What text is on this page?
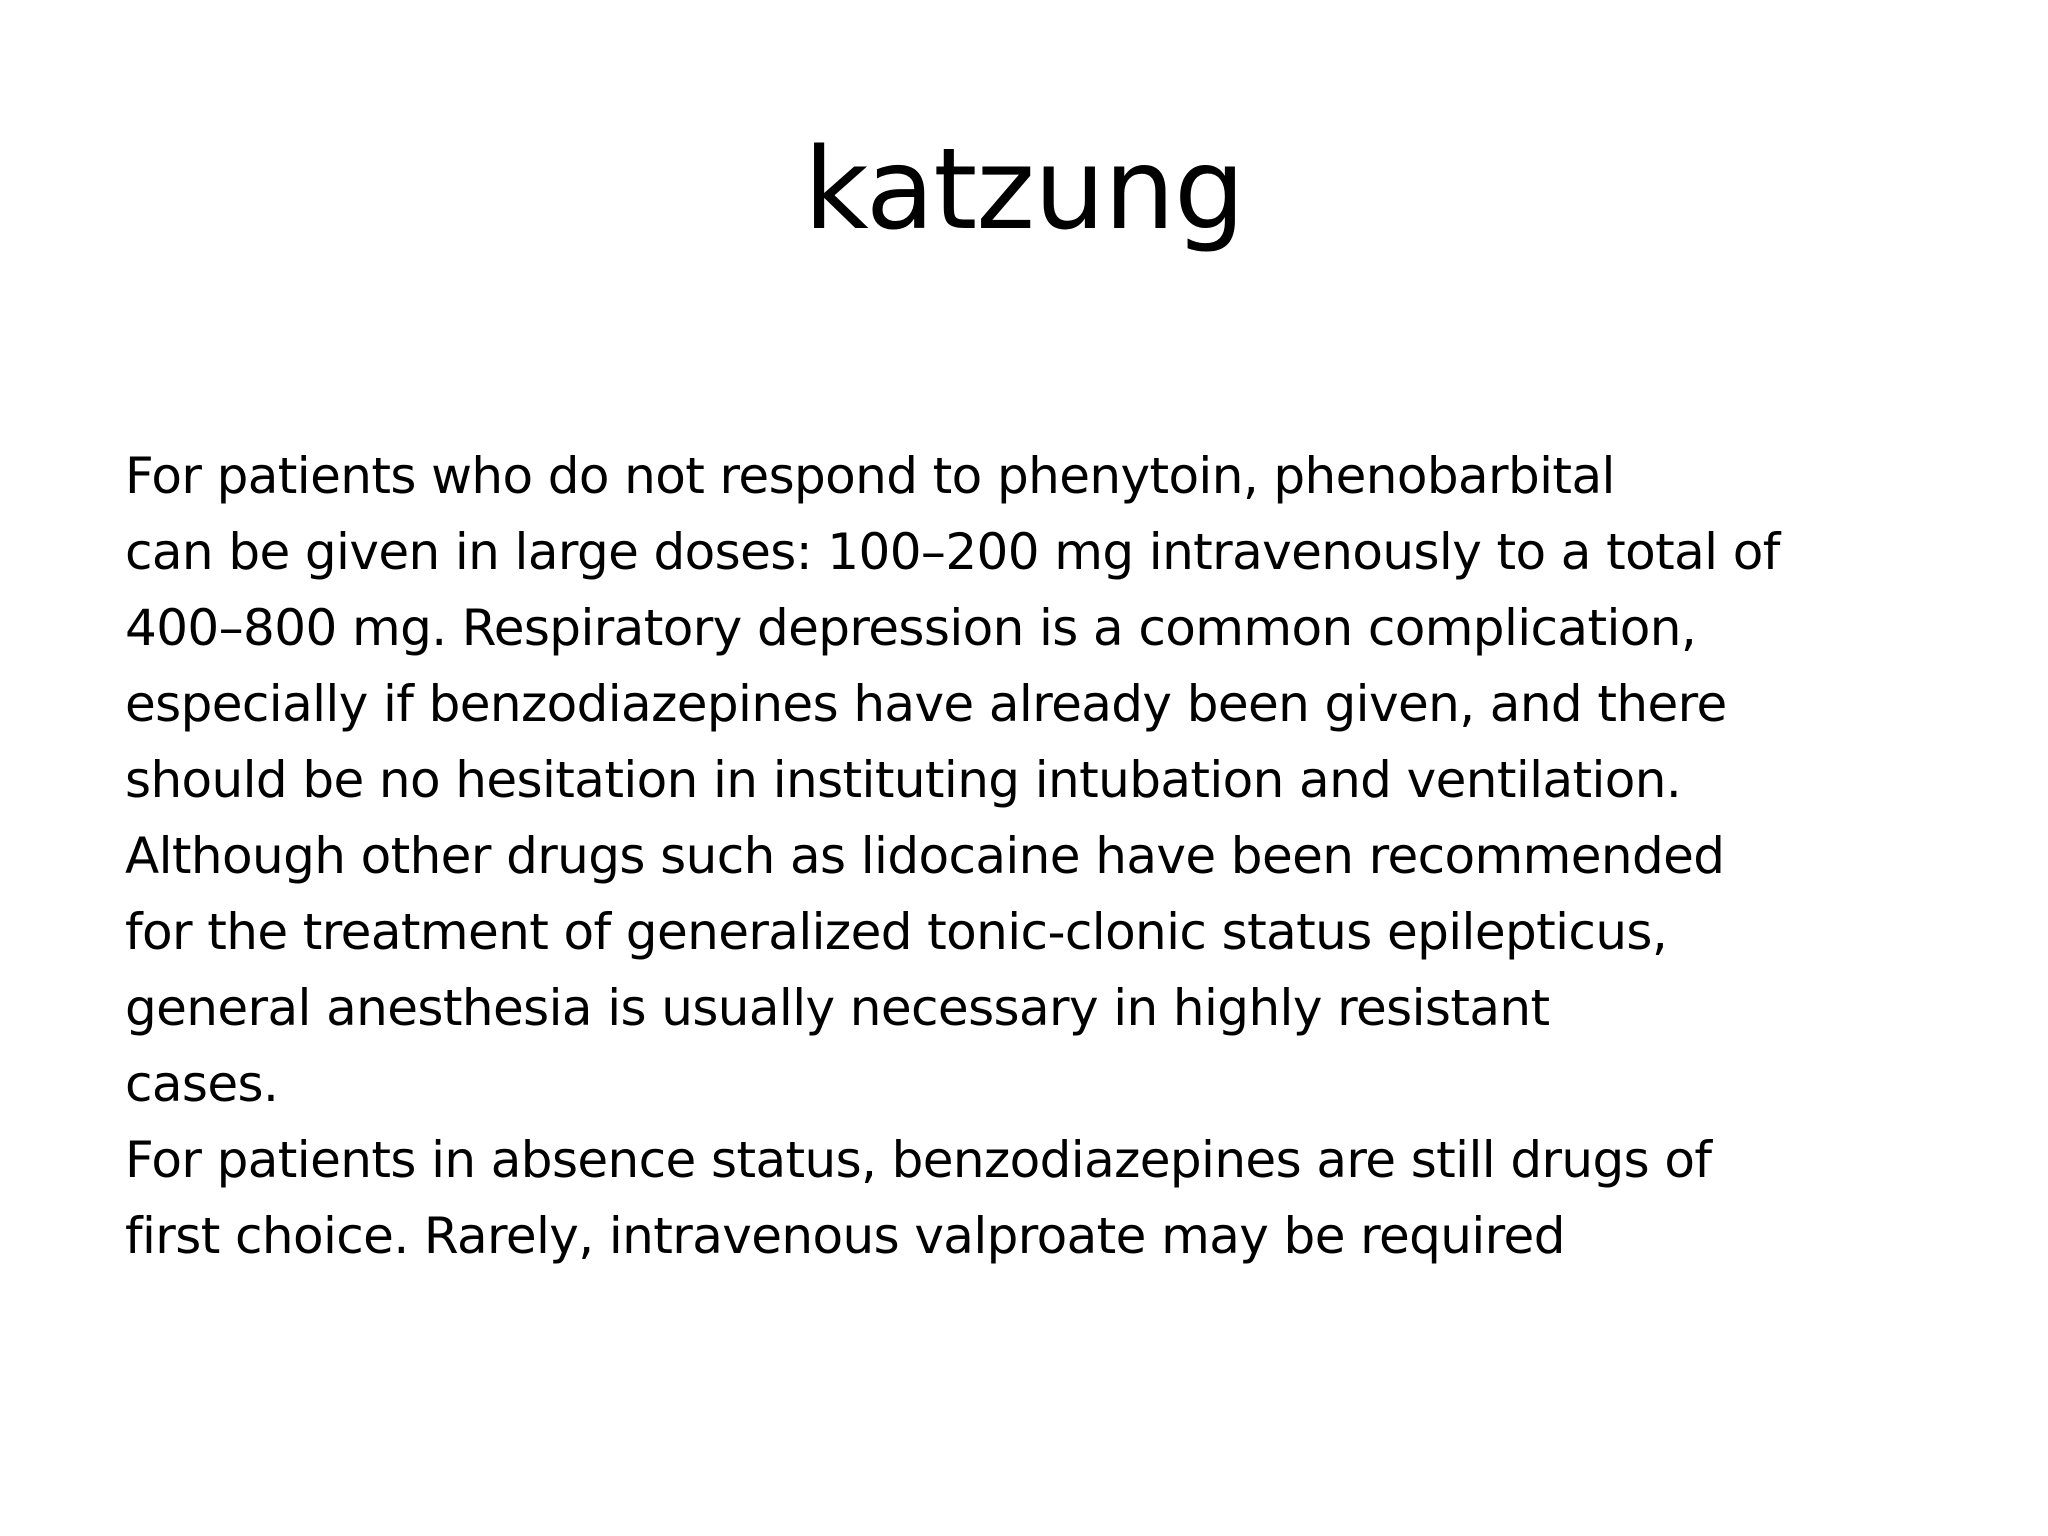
katzung
For patients who do not respond to phenytoin, phenobarbital
can be given in large doses: 100–200 mg intravenously to a total of
400–800 mg. Respiratory depression is a common complication,
especially if benzodiazepines have already been given, and there
should be no hesitation in instituting intubation and ventilation.
Although other drugs such as lidocaine have been recommended
for the treatment of generalized tonic-clonic status epilepticus,
general anesthesia is usually necessary in highly resistant
cases.
For patients in absence status, benzodiazepines are still drugs of
first choice. Rarely, intravenous valproate may be required
